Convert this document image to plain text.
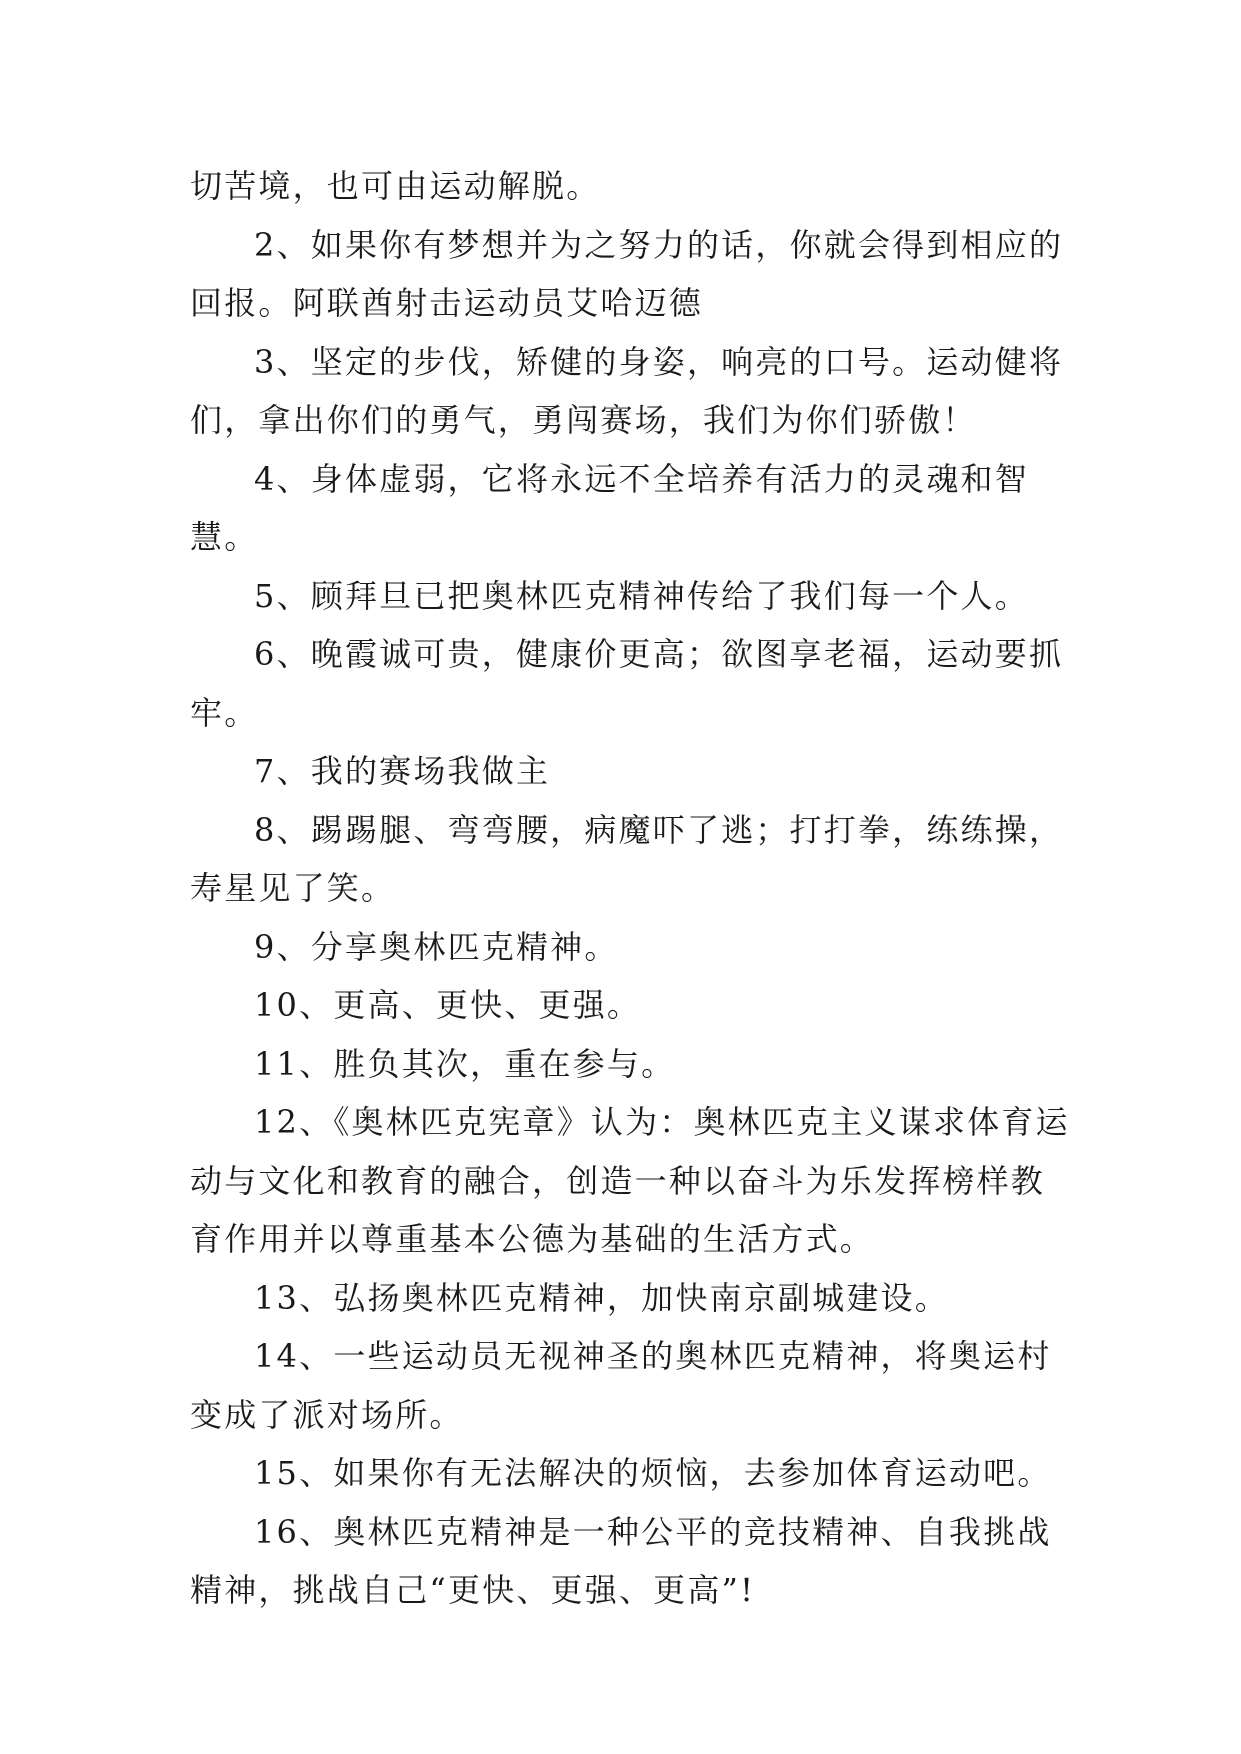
切苦境，也可由运动解脱。

2、如果你有梦想并为之努力的话，你就会得到相应的回报。阿联酋射击运动员艾哈迈德

3、坚定的步伐，矫健的身姿，响亮的口号。运动健将们，拿出你们的勇气，勇闯赛场，我们为你们骄傲！

4、身体虚弱，它将永远不全培养有活力的灵魂和智慧。

5、顾拜旦已把奥林匹克精神传给了我们每一个人。

6、晚霞诚可贵，健康价更高；欲图享老福，运动要抓牢。

7、我的赛场我做主

8、踢踢腿、弯弯腰，病魔吓了逃；打打拳，练练操，寿星见了笑。

9、分享奥林匹克精神。

10、更高、更快、更强。

11、胜负其次，重在参与。

12、《奥林匹克宪章》认为：奥林匹克主义谋求体育运动与文化和教育的融合，创造一种以奋斗为乐发挥榜样教育作用并以尊重基本公德为基础的生活方式。

13、弘扬奥林匹克精神，加快南京副城建设。

14、一些运动员无视神圣的奥林匹克精神，将奥运村变成了派对场所。

15、如果你有无法解决的烦恼，去参加体育运动吧。

16、奥林匹克精神是一种公平的竞技精神、自我挑战精神，挑战自己“更快、更强、更高”!
